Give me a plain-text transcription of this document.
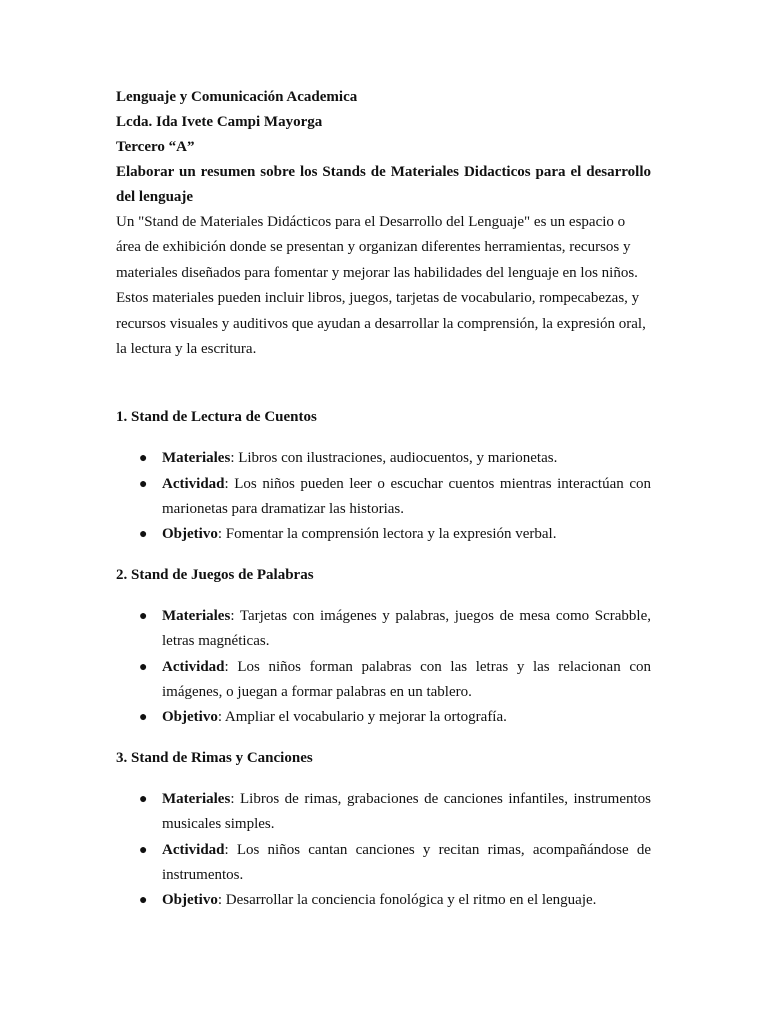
Lenguaje y Comunicación Academica

Lcda. Ida Ivete Campi Mayorga

Tercero “A”

Elaborar un resumen sobre los Stands de Materiales Didacticos para el desarrollo del lenguaje

Un "Stand de Materiales Didácticos para el Desarrollo del Lenguaje" es un espacio o área de exhibición donde se presentan y organizan diferentes herramientas, recursos y materiales diseñados para fomentar y mejorar las habilidades del lenguaje en los niños. Estos materiales pueden incluir libros, juegos, tarjetas de vocabulario, rompecabezas, y recursos visuales y auditivos que ayudan a desarrollar la comprensión, la expresión oral, la lectura y la escritura.

1. Stand de Lectura de Cuentos
● Materiales: Libros con ilustraciones, audiocuentos, y marionetas.
● Actividad: Los niños pueden leer o escuchar cuentos mientras interactúan con marionetas para dramatizar las historias.
● Objetivo: Fomentar la comprensión lectora y la expresión verbal.
2. Stand de Juegos de Palabras
● Materiales: Tarjetas con imágenes y palabras, juegos de mesa como Scrabble, letras magnéticas.
● Actividad: Los niños forman palabras con las letras y las relacionan con imágenes, o juegan a formar palabras en un tablero.
● Objetivo: Ampliar el vocabulario y mejorar la ortografía.
3. Stand de Rimas y Canciones
● Materiales: Libros de rimas, grabaciones de canciones infantiles, instrumentos musicales simples.
● Actividad: Los niños cantan canciones y recitan rimas, acompañándose de instrumentos.
● Objetivo: Desarrollar la conciencia fonológica y el ritmo en el lenguaje.
